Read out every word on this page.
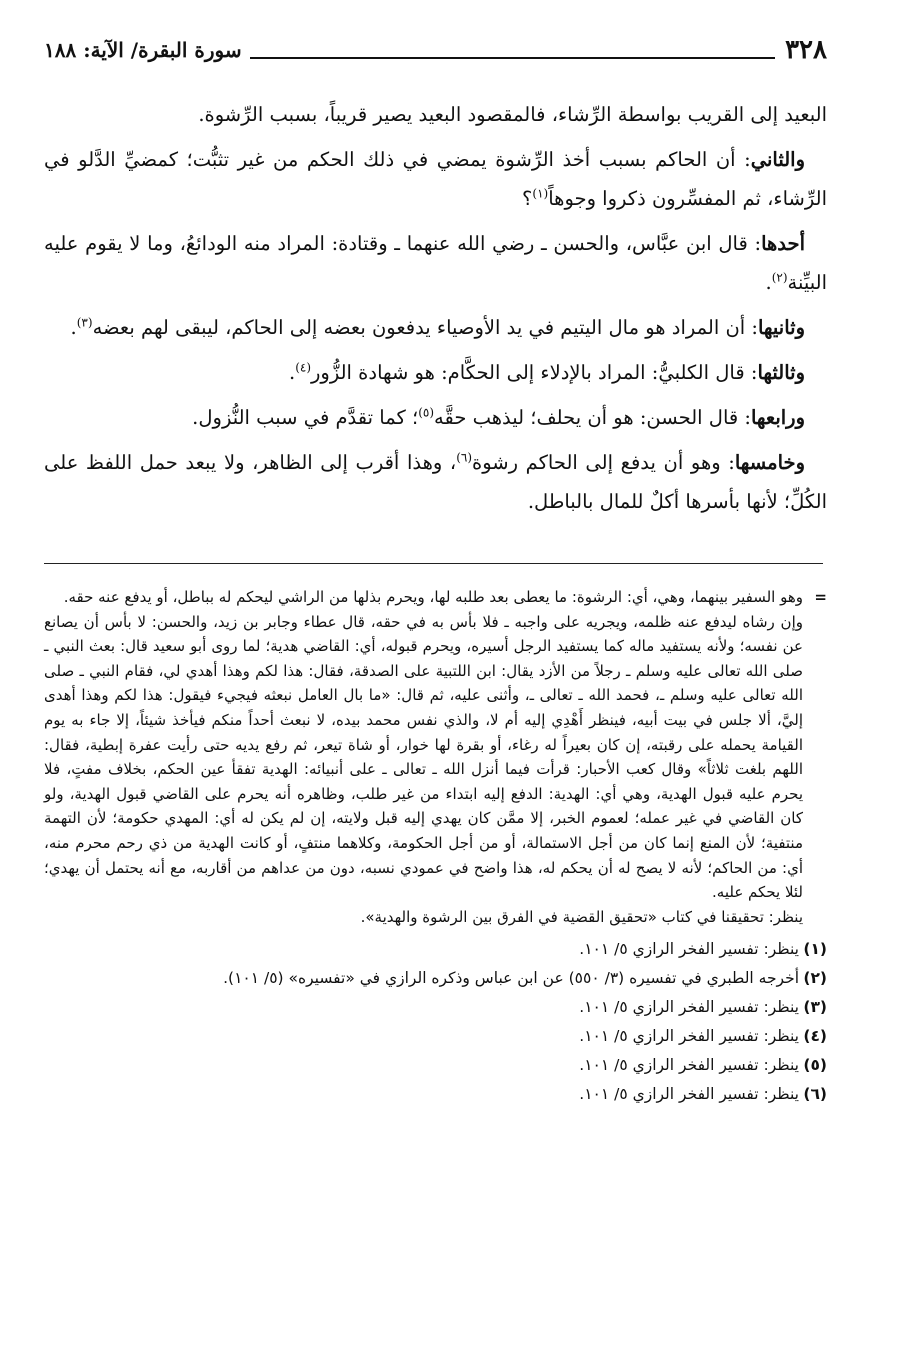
٣٢٨
سورة البقرة/ الآية: ١٨٨

البعيد إلى القريب بواسطة الرِّشاء، فالمقصود البعيد يصير قريباً، بسبب الرِّشوة.

والثاني: أن الحاكم بسبب أخذ الرِّشوة يمضي في ذلك الحكم من غير تثبُّت؛ كمضيِّ الدَّلو في الرِّشاء، ثم المفسِّرون ذكروا وجوهاً$^{(١)}$؟

أحدها: قال ابن عبَّاس، والحسن ـ رضي الله عنهما ـ وقتادة: المراد منه الودائعُ، وما لا يقوم عليه البيِّنة$^{(٢)}$.

وثانيها: أن المراد هو مال اليتيم في يد الأوصياء يدفعون بعضه إلى الحاكم، ليبقى لهم بعضه$^{(٣)}$.

وثالثها: قال الكلبيُّ: المراد بالإدلاء إلى الحكَّام: هو شهادة الزُّور$^{(٤)}$.

ورابعها: قال الحسن: هو أن يحلف؛ ليذهب حقَّه$^{(٥)}$؛ كما تقدَّم في سبب النُّزول.

وخامسها: وهو أن يدفع إلى الحاكم رشوة$^{(٦)}$، وهذا أقرب إلى الظاهر، ولا يبعد حمل اللفظ على الكُلِّ؛ لأنها بأسرها أكلٌ للمال بالباطل.

=

وهو السفير بينهما، وهي، أي: الرشوة: ما يعطى بعد طلبه لها، ويحرم بذلها من الراشي ليحكم له بباطل، أو يدفع عنه حقه.

وإن رشاه ليدفع عنه ظلمه، ويجريه على واجبه ـ فلا بأس به في حقه، قال عطاء وجابر بن زيد، والحسن: لا بأس أن يصانع عن نفسه؛ ولأنه يستفيد ماله كما يستفيد الرجل أسيره، ويحرم قبوله، أي: القاضي هدية؛ لما روى أبو سعيد قال: بعث النبي ـ صلى الله تعالى عليه وسلم ـ رجلاً من الأزد يقال: ابن اللتبية على الصدقة، فقال: هذا لكم وهذا أهدي لي، فقام النبي ـ صلى الله تعالى عليه وسلم ـ، فحمد الله ـ تعالى ـ، وأثنى عليه، ثم قال: «ما بال العامل نبعثه فيجيء فيقول: هذا لكم وهذا أهدى إليَّ، ألا جلس في بيت أبيه، فينظر أَهْدِي إليه أم لا، والذي نفس محمد بيده، لا نبعث أحداً منكم فيأخذ شيئاً، إلا جاء به يوم القيامة يحمله على رقبته، إن كان بعيراً له رغاء، أو بقرة لها خوار، أو شاة تيعر، ثم رفع يديه حتى رأيت عفرة إبطية، فقال: اللهم بلغت ثلاثاً» وقال كعب الأحبار: قرأت فيما أنزل الله ـ تعالى ـ على أنبيائه: الهدية تفقأ عين الحكم، بخلاف مفتٍ، فلا يحرم عليه قبول الهدية، وهي أي: الهدية: الدفع إليه ابتداء من غير طلب، وظاهره أنه يحرم على القاضي قبول الهدية، ولو كان القاضي في غير عمله؛ لعموم الخبر، إلا ممَّن كان يهدي إليه قبل ولايته، إن لم يكن له أي: المهدي حكومة؛ لأن التهمة منتفية؛ لأن المنع إنما كان من أجل الاستمالة، أو من أجل الحكومة، وكلاهما منتفٍ، أو كانت الهدية من ذي رحم محرم منه، أي: من الحاكم؛ لأنه لا يصح له أن يحكم له، هذا واضح في عمودي نسبه، دون من عداهم من أقاربه، مع أنه يحتمل أن يهدي؛ لئلا يحكم عليه.

ينظر: تحقيقنا في كتاب «تحقيق القضية في الفرق بين الرشوة والهدية».

(١)
ينظر: تفسير الفخر الرازي ٥/ ١٠١.
(٢)
أخرجه الطبري في تفسيره (٣/ ٥٥٠) عن ابن عباس وذكره الرازي في «تفسيره» (٥/ ١٠١).
(٣)
ينظر: تفسير الفخر الرازي ٥/ ١٠١.
(٤)
ينظر: تفسير الفخر الرازي ٥/ ١٠١.
(٥)
ينظر: تفسير الفخر الرازي ٥/ ١٠١.
(٦)
ينظر: تفسير الفخر الرازي ٥/ ١٠١.
